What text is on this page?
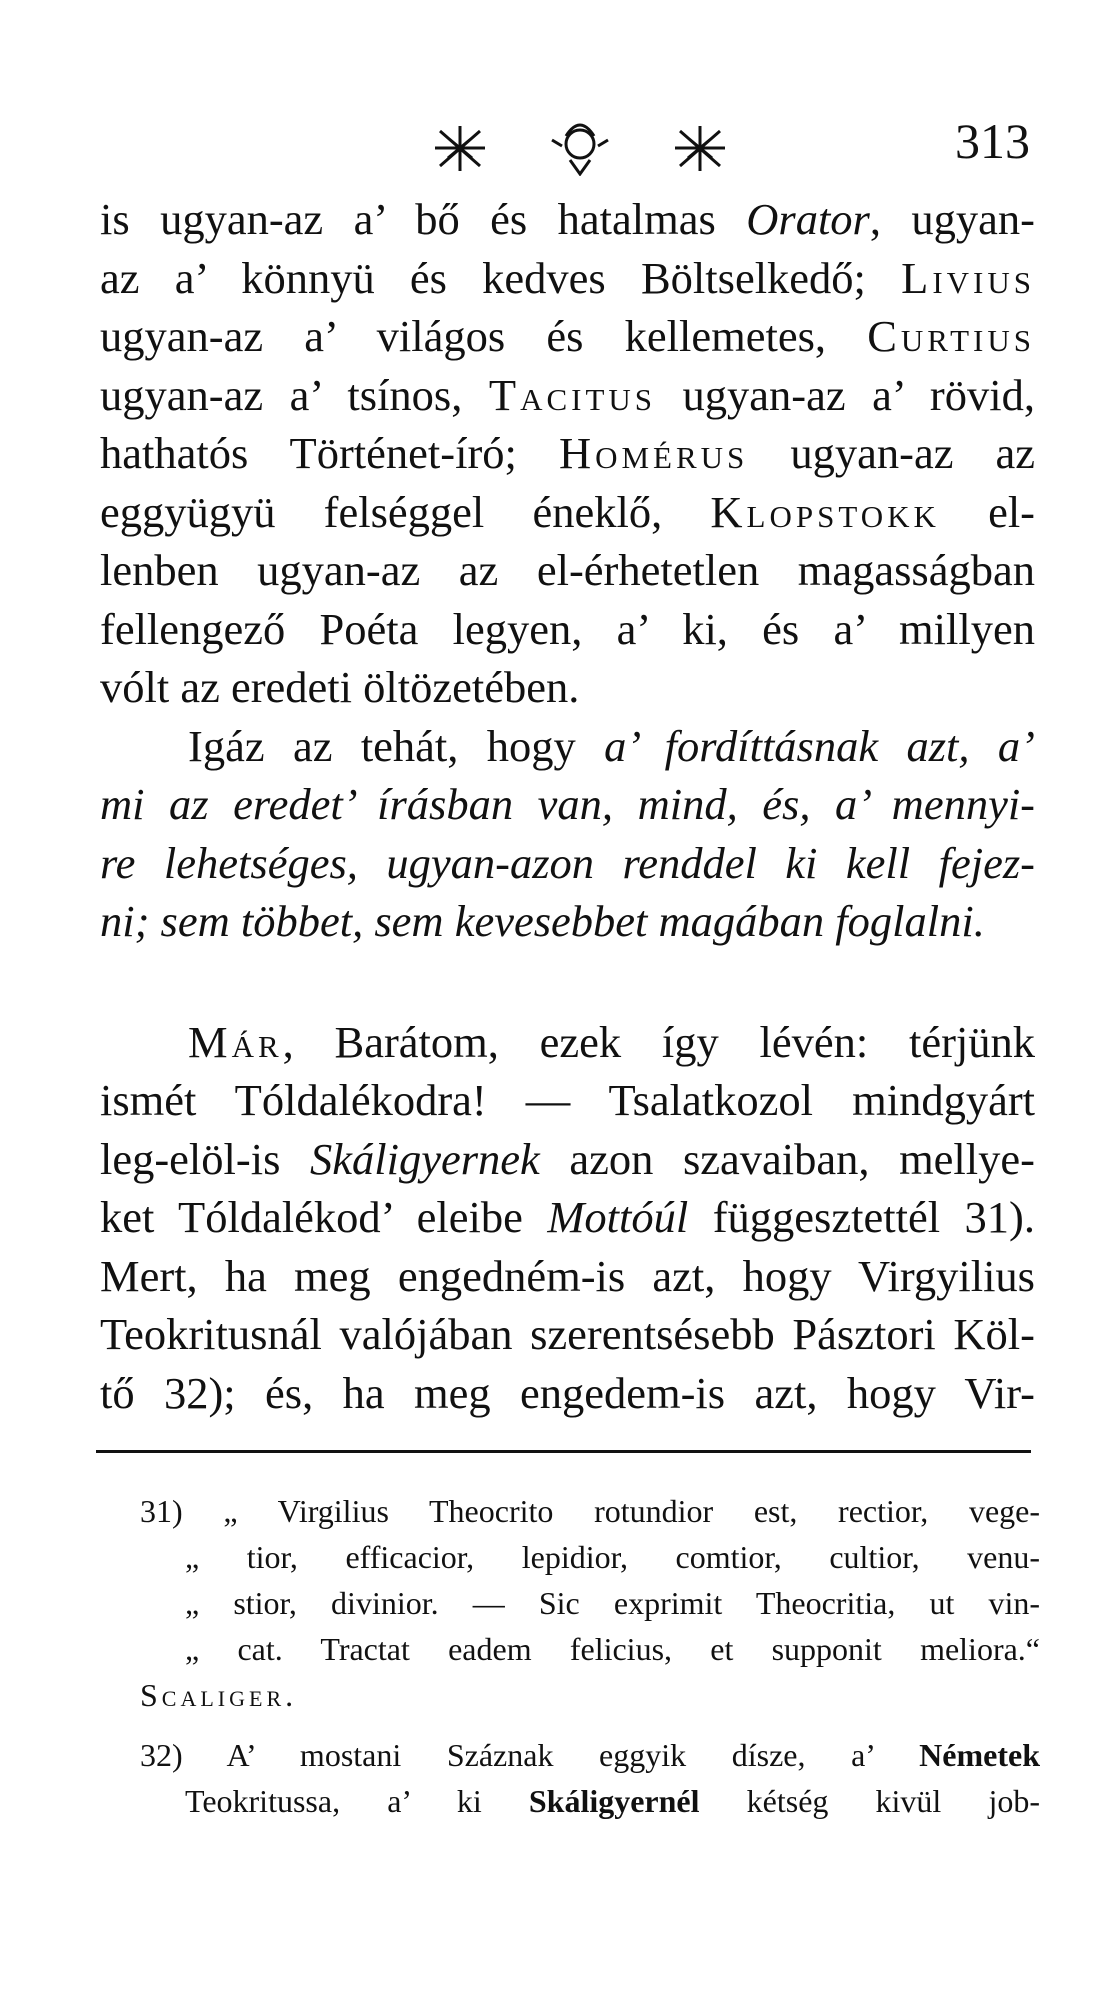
313
is ugyan-az a’ bő és hatalmas Orator, ugyan-
az a’ könnyü és kedves Böltselkedő; Livius
ugyan-az a’ világos és kellemetes, Curtius
ugyan-az a’ tsínos, Tacitus ugyan-az a’ rövid,
hathatós Történet-író; Homérus ugyan-az az
eggyügyü felséggel éneklő, Klopstokk el-
lenben ugyan-az az el-érhetetlen magasságban
fellengező Poéta legyen, a’ ki, és a’ millyen
vólt az eredeti öltözetében.
Igáz az tehát, hogy a’ fordíttásnak azt, a’
mi az eredet’ írásban van, mind, és, a’ mennyi-
re lehetséges, ugyan-azon renddel ki kell fejez-
ni; sem többet, sem kevesebbet magában foglalni.
Már, Barátom, ezek így lévén: térjünk
ismét Tóldalékodra! — Tsalatkozol mindgyárt
leg-elöl-is Skáligyernek azon szavaiban, mellye-
ket Tóldalékod’ eleibe Mottóúl függesztettél 31).
Mert, ha meg engedném-is azt, hogy Virgyilius
Teokritusnál valójában szerentsésebb Pásztori Köl-
tő 32); és, ha meg engedem-is azt, hogy Vir-
31) „ Virgilius Theocrito rotundior est, rectior, vege-
„ tior, efficacior, lepidior, comtior, cultior, venu-
„ stior, divinior. — Sic exprimit Theocritia, ut vin-
„ cat. Tractat eadem felicius, et supponit meliora.“
Scaliger.
32) A’ mostani Száznak eggyik dísze, a’ Németek
Teokritussa, a’ ki Skáligyernél kétség kivül job-
